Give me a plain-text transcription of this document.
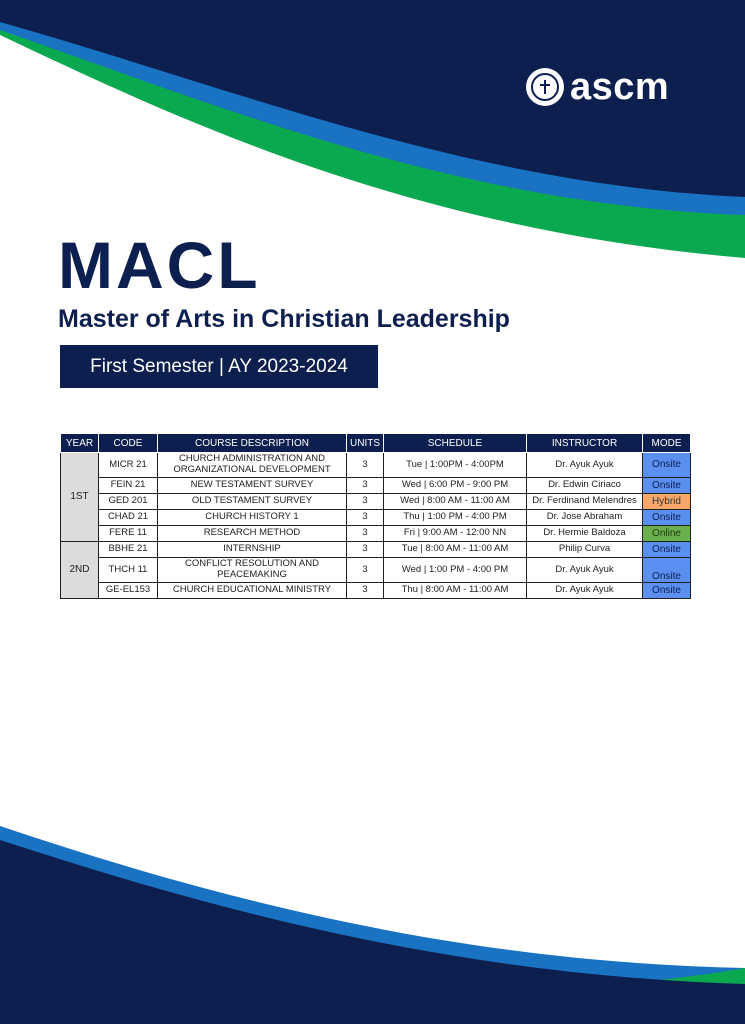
ascm
MACL
Master of Arts in Christian Leadership
First Semester | AY 2023-2024
YEAR	CODE	COURSE DESCRIPTION	UNITS	SCHEDULE	INSTRUCTOR	MODE
1ST	MICR 21	CHURCH ADMINISTRATION AND ORGANIZATIONAL DEVELOPMENT	3	Tue | 1:00PM - 4:00PM	Dr. Ayuk Ayuk	Onsite
	FEIN 21	NEW TESTAMENT SURVEY	3	Wed | 6:00 PM - 9:00 PM	Dr. Edwin Ciriaco	Onsite
	GED 201	OLD TESTAMENT SURVEY	3	Wed | 8:00 AM - 11:00 AM	Dr. Ferdinand Melendres	Hybrid
	CHAD 21	CHURCH HISTORY 1	3	Thu | 1:00 PM - 4:00 PM	Dr. Jose Abraham	Onsite
	FERE 11	RESEARCH METHOD	3	Fri | 9:00 AM - 12:00 NN	Dr. Hermie Baldoza	Online
2ND	BBHE 21	INTERNSHIP	3	Tue | 8:00 AM - 11:00 AM	Philip Curva	Onsite
	THCH 11	CONFLICT RESOLUTION AND PEACEMAKING	3	Wed | 1:00 PM - 4:00 PM	Dr. Ayuk Ayuk	Onsite
	GE-EL153	CHURCH EDUCATIONAL MINISTRY	3	Thu | 8:00 AM - 11:00 AM	Dr. Ayuk Ayuk	Onsite
